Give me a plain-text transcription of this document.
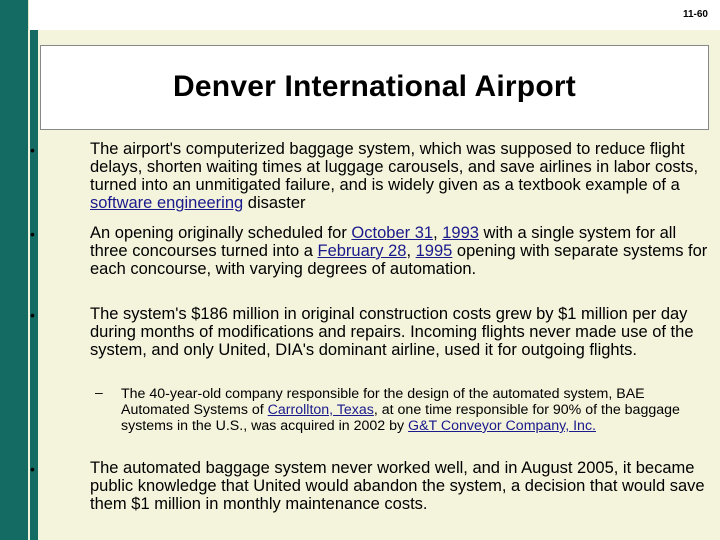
11-60
Denver International Airport
•	The airport's computerized baggage system, which was supposed to reduce flight delays, shorten waiting times at luggage carousels, and save airlines in labor costs, turned into an unmitigated failure, and is widely given as a textbook example of a software engineering disaster
•	An opening originally scheduled for October 31, 1993 with a single system for all three concourses turned into a February 28, 1995 opening with separate systems for each concourse, with varying degrees of automation.
•	The system's $186 million in original construction costs grew by $1 million per day during months of modifications and repairs. Incoming flights never made use of the system, and only United, DIA's dominant airline, used it for outgoing flights.
– The 40-year-old company responsible for the design of the automated system, BAE Automated Systems of Carrollton, Texas, at one time responsible for 90% of the baggage systems in the U.S., was acquired in 2002 by G&T Conveyor Company, Inc.
•	The automated baggage system never worked well, and in August 2005, it became public knowledge that United would abandon the system, a decision that would save them $1 million in monthly maintenance costs.
